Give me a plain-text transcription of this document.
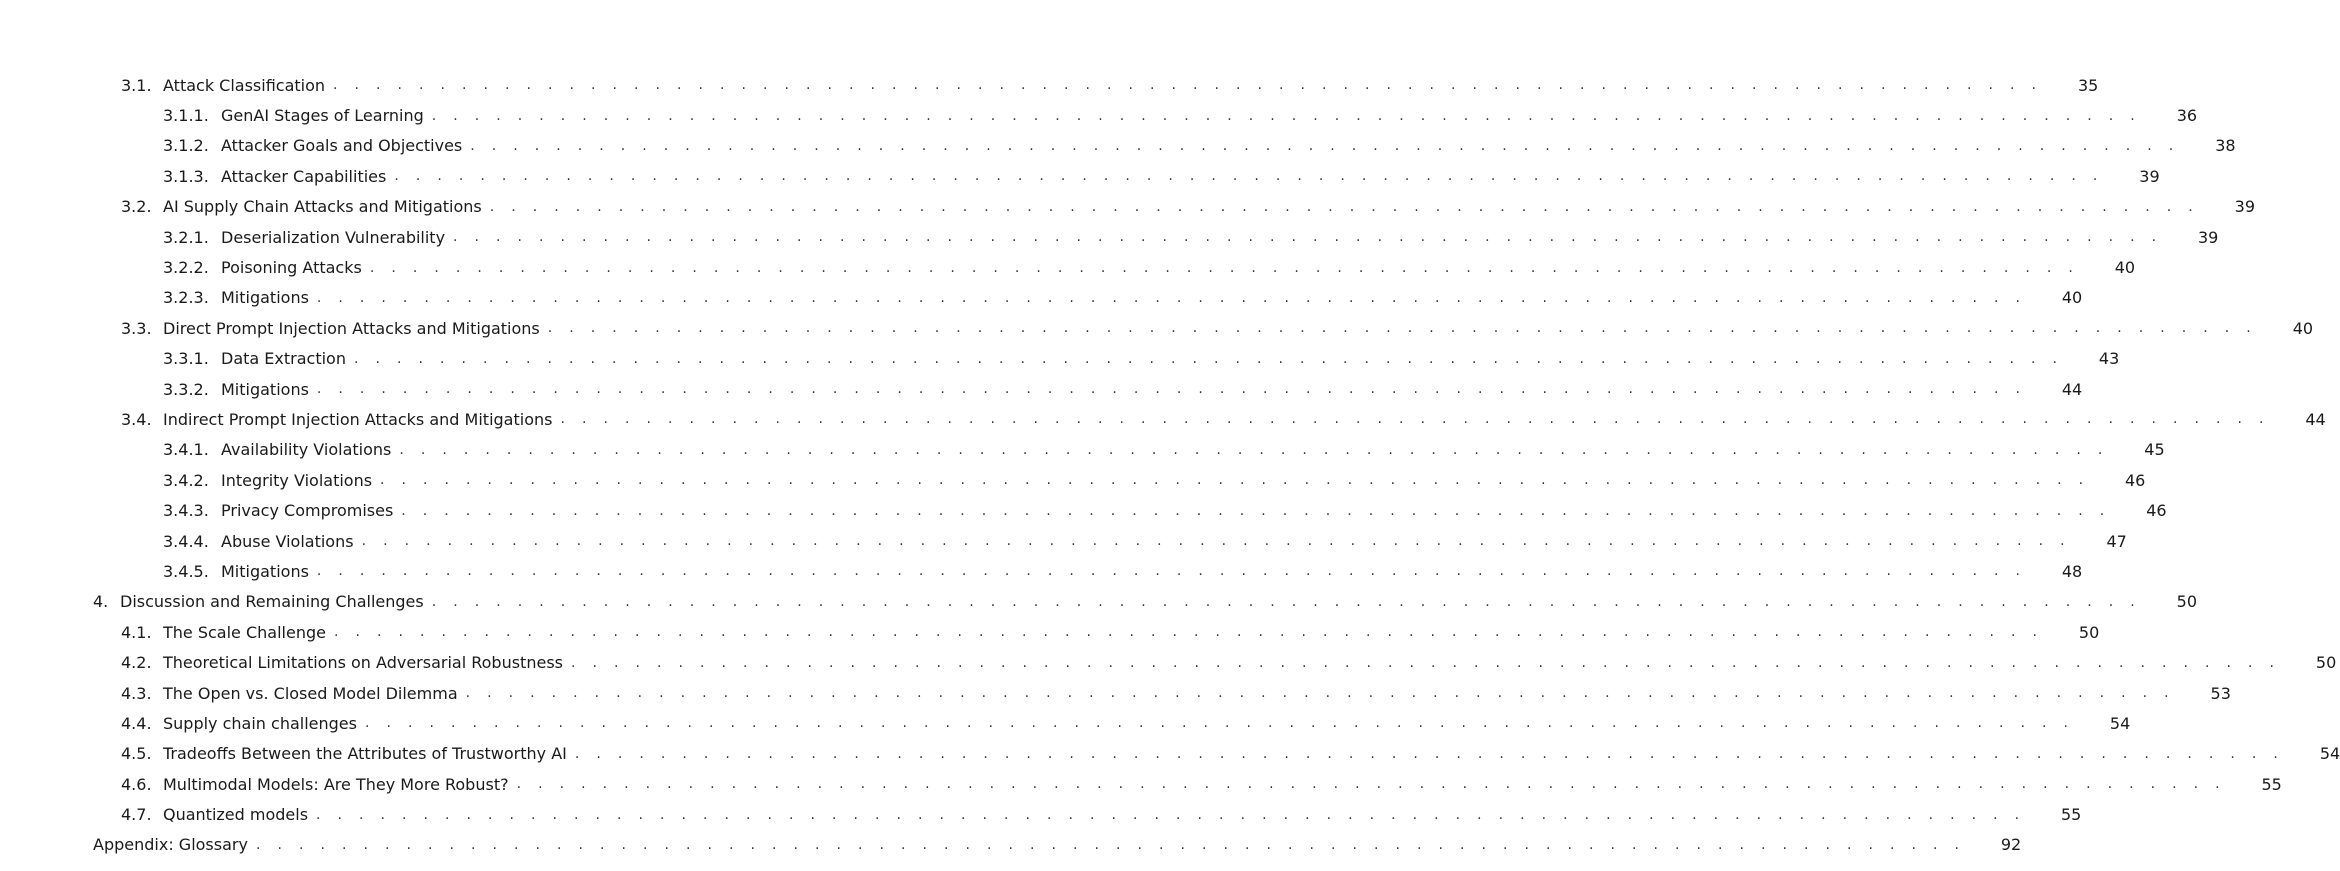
3.1. Attack Classification . . . . . . . . . . . . . . . . . . . . . . . . . . . . . . . . . . . . . . . . . . . . . . . . . . . . . . . . . . . . . . . . . . . . . . . . . . . . . . . .	35
3.1.1. GenAI Stages of Learning . . . . . . . . . . . . . . . . . . . . . . . . . . . . . . . . . . . . . . . . . . . . . . . . . . . . . . . . . . . . . . . . . . . . . . . . . . . . . . . .	36
3.1.2. Attacker Goals and Objectives . . . . . . . . . . . . . . . . . . . . . . . . . . . . . . . . . . . . . . . . . . . . . . . . . . . . . . . . . . . . . . . . . . . . . . . . . . . . . . . .	38
3.1.3. Attacker Capabilities . . . . . . . . . . . . . . . . . . . . . . . . . . . . . . . . . . . . . . . . . . . . . . . . . . . . . . . . . . . . . . . . . . . . . . . . . . . . . . . .	39
3.2. AI Supply Chain Attacks and Mitigations . . . . . . . . . . . . . . . . . . . . . . . . . . . . . . . . . . . . . . . . . . . . . . . . . . . . . . . . . . . . . . . . . . . . . . . . . . . . . . . .	39
3.2.1. Deserialization Vulnerability . . . . . . . . . . . . . . . . . . . . . . . . . . . . . . . . . . . . . . . . . . . . . . . . . . . . . . . . . . . . . . . . . . . . . . . . . . . . . . . .	39
3.2.2. Poisoning Attacks . . . . . . . . . . . . . . . . . . . . . . . . . . . . . . . . . . . . . . . . . . . . . . . . . . . . . . . . . . . . . . . . . . . . . . . . . . . . . . . .	40
3.2.3. Mitigations . . . . . . . . . . . . . . . . . . . . . . . . . . . . . . . . . . . . . . . . . . . . . . . . . . . . . . . . . . . . . . . . . . . . . . . . . . . . . . . .	40
3.3. Direct Prompt Injection Attacks and Mitigations . . . . . . . . . . . . . . . . . . . . . . . . . . . . . . . . . . . . . . . . . . . . . . . . . . . . . . . . . . . . . . . . . . . . . . . . . . . . . . . .	40
3.3.1. Data Extraction . . . . . . . . . . . . . . . . . . . . . . . . . . . . . . . . . . . . . . . . . . . . . . . . . . . . . . . . . . . . . . . . . . . . . . . . . . . . . . . .	43
3.3.2. Mitigations . . . . . . . . . . . . . . . . . . . . . . . . . . . . . . . . . . . . . . . . . . . . . . . . . . . . . . . . . . . . . . . . . . . . . . . . . . . . . . . .	44
3.4. Indirect Prompt Injection Attacks and Mitigations . . . . . . . . . . . . . . . . . . . . . . . . . . . . . . . . . . . . . . . . . . . . . . . . . . . . . . . . . . . . . . . . . . . . . . . . . . . . . . . .	44
3.4.1. Availability Violations . . . . . . . . . . . . . . . . . . . . . . . . . . . . . . . . . . . . . . . . . . . . . . . . . . . . . . . . . . . . . . . . . . . . . . . . . . . . . . . .	45
3.4.2. Integrity Violations . . . . . . . . . . . . . . . . . . . . . . . . . . . . . . . . . . . . . . . . . . . . . . . . . . . . . . . . . . . . . . . . . . . . . . . . . . . . . . . .	46
3.4.3. Privacy Compromises . . . . . . . . . . . . . . . . . . . . . . . . . . . . . . . . . . . . . . . . . . . . . . . . . . . . . . . . . . . . . . . . . . . . . . . . . . . . . . . .	46
3.4.4. Abuse Violations . . . . . . . . . . . . . . . . . . . . . . . . . . . . . . . . . . . . . . . . . . . . . . . . . . . . . . . . . . . . . . . . . . . . . . . . . . . . . . . .	47
3.4.5. Mitigations . . . . . . . . . . . . . . . . . . . . . . . . . . . . . . . . . . . . . . . . . . . . . . . . . . . . . . . . . . . . . . . . . . . . . . . . . . . . . . . .	48
4. Discussion and Remaining Challenges . . . . . . . . . . . . . . . . . . . . . . . . . . . . . . . . . . . . . . . . . . . . . . . . . . . . . . . . . . . . . . . . . . . . . . . . . . . . . . . .	50
4.1. The Scale Challenge . . . . . . . . . . . . . . . . . . . . . . . . . . . . . . . . . . . . . . . . . . . . . . . . . . . . . . . . . . . . . . . . . . . . . . . . . . . . . . . .	50
4.2. Theoretical Limitations on Adversarial Robustness . . . . . . . . . . . . . . . . . . . . . . . . . . . . . . . . . . . . . . . . . . . . . . . . . . . . . . . . . . . . . . . . . . . . . . . . . . . . . . . .	50
4.3. The Open vs. Closed Model Dilemma . . . . . . . . . . . . . . . . . . . . . . . . . . . . . . . . . . . . . . . . . . . . . . . . . . . . . . . . . . . . . . . . . . . . . . . . . . . . . . . .	53
4.4. Supply chain challenges . . . . . . . . . . . . . . . . . . . . . . . . . . . . . . . . . . . . . . . . . . . . . . . . . . . . . . . . . . . . . . . . . . . . . . . . . . . . . . . .	54
4.5. Tradeoffs Between the Attributes of Trustworthy AI . . . . . . . . . . . . . . . . . . . . . . . . . . . . . . . . . . . . . . . . . . . . . . . . . . . . . . . . . . . . . . . . . . . . . . . . . . . . . . . .	54
4.6. Multimodal Models: Are They More Robust? . . . . . . . . . . . . . . . . . . . . . . . . . . . . . . . . . . . . . . . . . . . . . . . . . . . . . . . . . . . . . . . . . . . . . . . . . . . . . . . .	55
4.7. Quantized models . . . . . . . . . . . . . . . . . . . . . . . . . . . . . . . . . . . . . . . . . . . . . . . . . . . . . . . . . . . . . . . . . . . . . . . . . . . . . . . .	55
Appendix: Glossary . . . . . . . . . . . . . . . . . . . . . . . . . . . . . . . . . . . . . . . . . . . . . . . . . . . . . . . . . . . . . . . . . . . . . . . . . . . . . . . .	92
